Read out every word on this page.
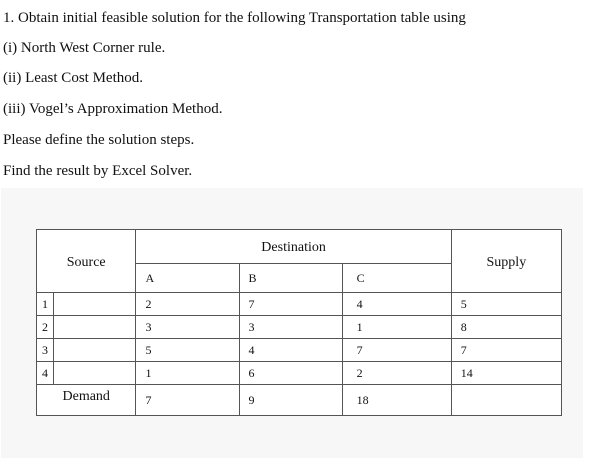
1. Obtain initial feasible solution for the following Transportation table using
(i) North West Corner rule.
(ii) Least Cost Method.
(iii) Vogel’s Approximation Method.
Please define the solution steps.
Find the result by Excel Solver.
Source	Destination			Supply

	A	B	C	

1	2	7	4	5

2	3	3	1	8

3	5	4	7	7

4	1	6	2	14

Demand	7	9	18	
